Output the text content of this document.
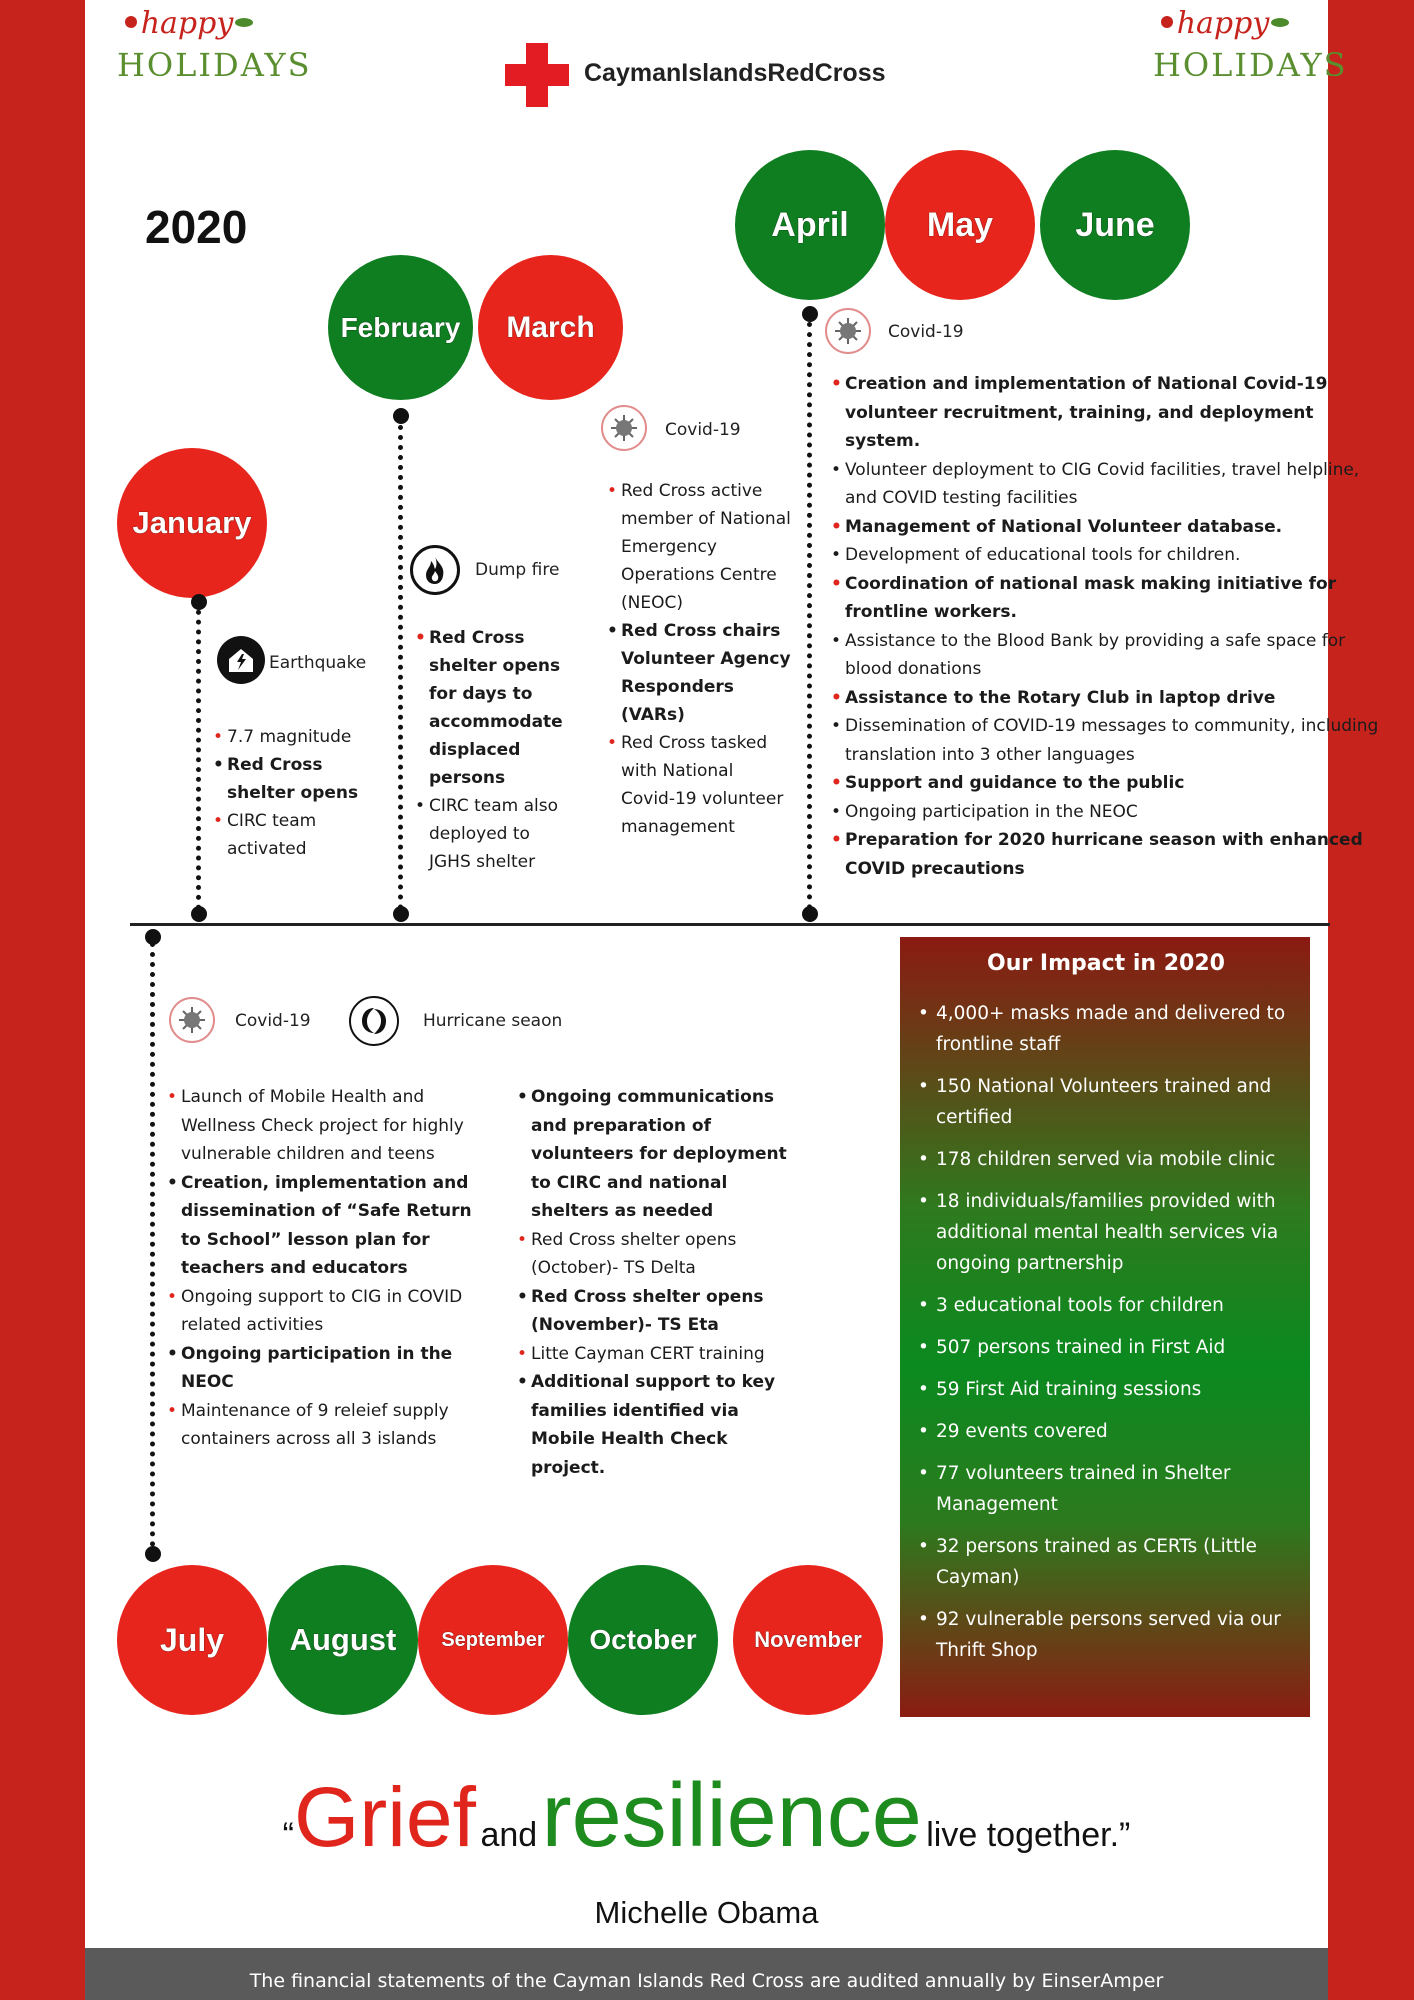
happy
HOLIDAYS
happy
HOLIDAYS
CaymanIslandsRedCross
2020
February	March
April	May	June
January
Earthquake
• 7.7 magnitude
• Red Cross shelter opens
• CIRC team activated
Dump fire
• Red Cross shelter opens for days to accommodate displaced persons
• CIRC team also deployed to JGHS shelter
Covid-19
• Red Cross active member of National Emergency Operations Centre (NEOC)
• Red Cross chairs Volunteer Agency Responders (VARs)
• Red Cross tasked with National Covid-19 volunteer management
Covid-19
• Creation and implementation of National Covid-19 volunteer recruitment, training, and deployment system.
• Volunteer deployment to CIG Covid facilities, travel helpline, and COVID testing facilities
• Management of National Volunteer database.
• Development of educational tools for children.
• Coordination of national mask making initiative for frontline workers.
• Assistance to the Blood Bank by providing a safe space for blood donations
• Assistance to the Rotary Club in laptop drive
• Dissemination of COVID-19 messages to community, including translation into 3 other languages
• Support and guidance to the public
• Ongoing participation in the NEOC
• Preparation for 2020 hurricane season with enhanced COVID precautions
Covid-19	Hurricane seaon
• Launch of Mobile Health and Wellness Check project for highly vulnerable children and teens
• Creation, implementation and dissemination of “Safe Return to School” lesson plan for teachers and educators
• Ongoing support to CIG in COVID related activities
• Ongoing participation in the NEOC
• Maintenance of 9 releief supply containers across all 3 islands
• Ongoing communications and preparation of volunteers for deployment to CIRC and national shelters as needed
• Red Cross shelter opens (October)- TS Delta
• Red Cross shelter opens (November)- TS Eta
• Litte Cayman CERT training
• Additional support to key families identified via Mobile Health Check project.
July	August	September	October	November
Our Impact in 2020
• 4,000+ masks made and delivered to frontline staff
• 150 National Volunteers trained and certified
• 178 children served via mobile clinic
• 18 individuals/families provided with additional mental health services via ongoing partnership
• 3 educational tools for children
• 507 persons trained in First Aid
• 59 First Aid training sessions
• 29 events covered
• 77 volunteers trained in Shelter Management
• 32 persons trained as CERTs (Little Cayman)
• 92 vulnerable persons served via our Thrift Shop
“Grief and resilience live together.”
Michelle Obama
The financial statements of the Cayman Islands Red Cross are audited annually by EinserAmper
